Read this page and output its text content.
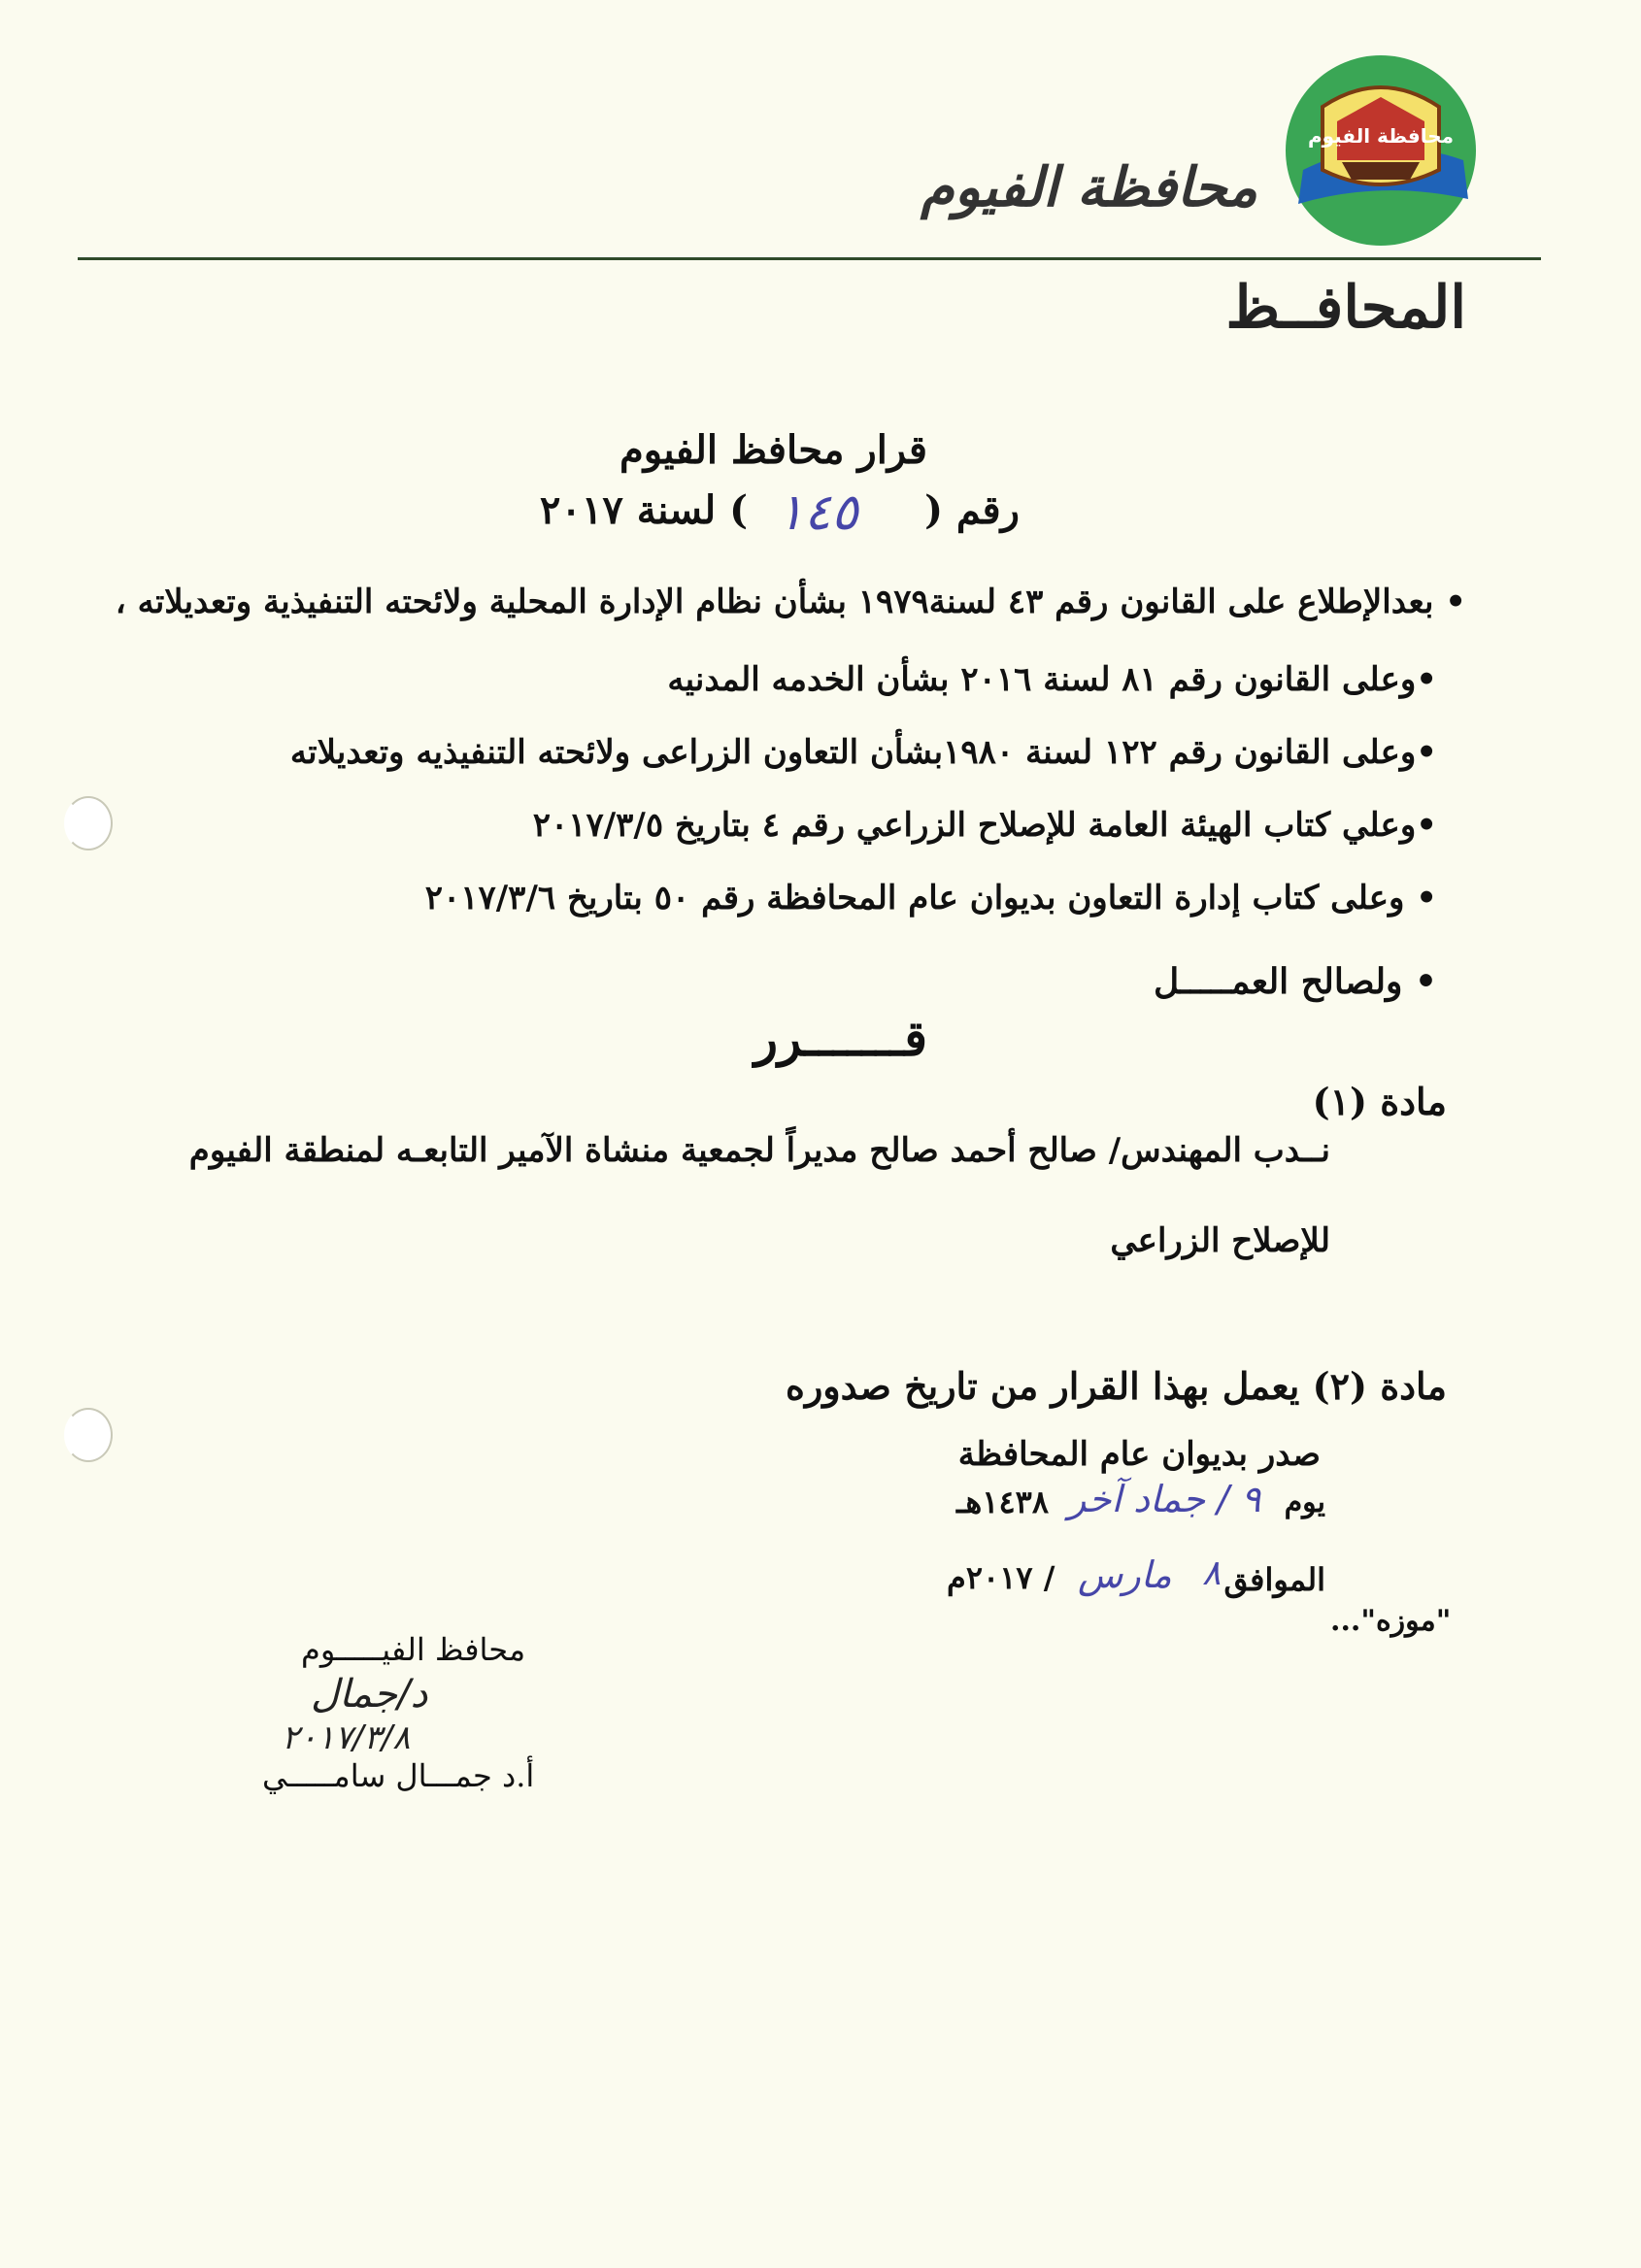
محافظة الفيوم
محافظة الفيوم
المحافــظ
قرار محافظ الفيوم
رقم (
١٤٥
) لسنة ٢٠١٧
• بعدالإطلاع على القانون رقم ٤٣ لسنة١٩٧٩ بشأن نظام الإدارة المحلية ولائحته التنفيذية وتعديلاته ،
•وعلى القانون رقم ٨١ لسنة ٢٠١٦ بشأن الخدمه المدنيه
•وعلى القانون رقم ١٢٢ لسنة ١٩٨٠بشأن التعاون الزراعى ولائحته التنفيذيه وتعديلاته
•وعلي كتاب الهيئة العامة للإصلاح الزراعي رقم ٤ بتاريخ ٢٠١٧/٣/٥
• وعلى كتاب إدارة التعاون بديوان عام المحافظة رقم ٥٠ بتاريخ ٢٠١٧/٣/٦
• ولصالح العمـــــل
قـــــــرر
مادة (١)
نــدب المهندس/ صالح أحمد صالح مديراً لجمعية منشاة الآمير التابعـه لمنطقة الفيوم
للإصلاح الزراعي
مادة (٢) يعمل بهذا القرار من تاريخ صدوره
صدر بديوان عام المحافظة
يوم
٩ / جماد آخر
١٤٣٨هـ
الموافق
٨
مارس
/ ٢٠١٧م
"موزه"...
محافظ الفيـــــوم
د/جمال
٢٠١٧/٣/٨
أ.د جمـــال سامـــــي
